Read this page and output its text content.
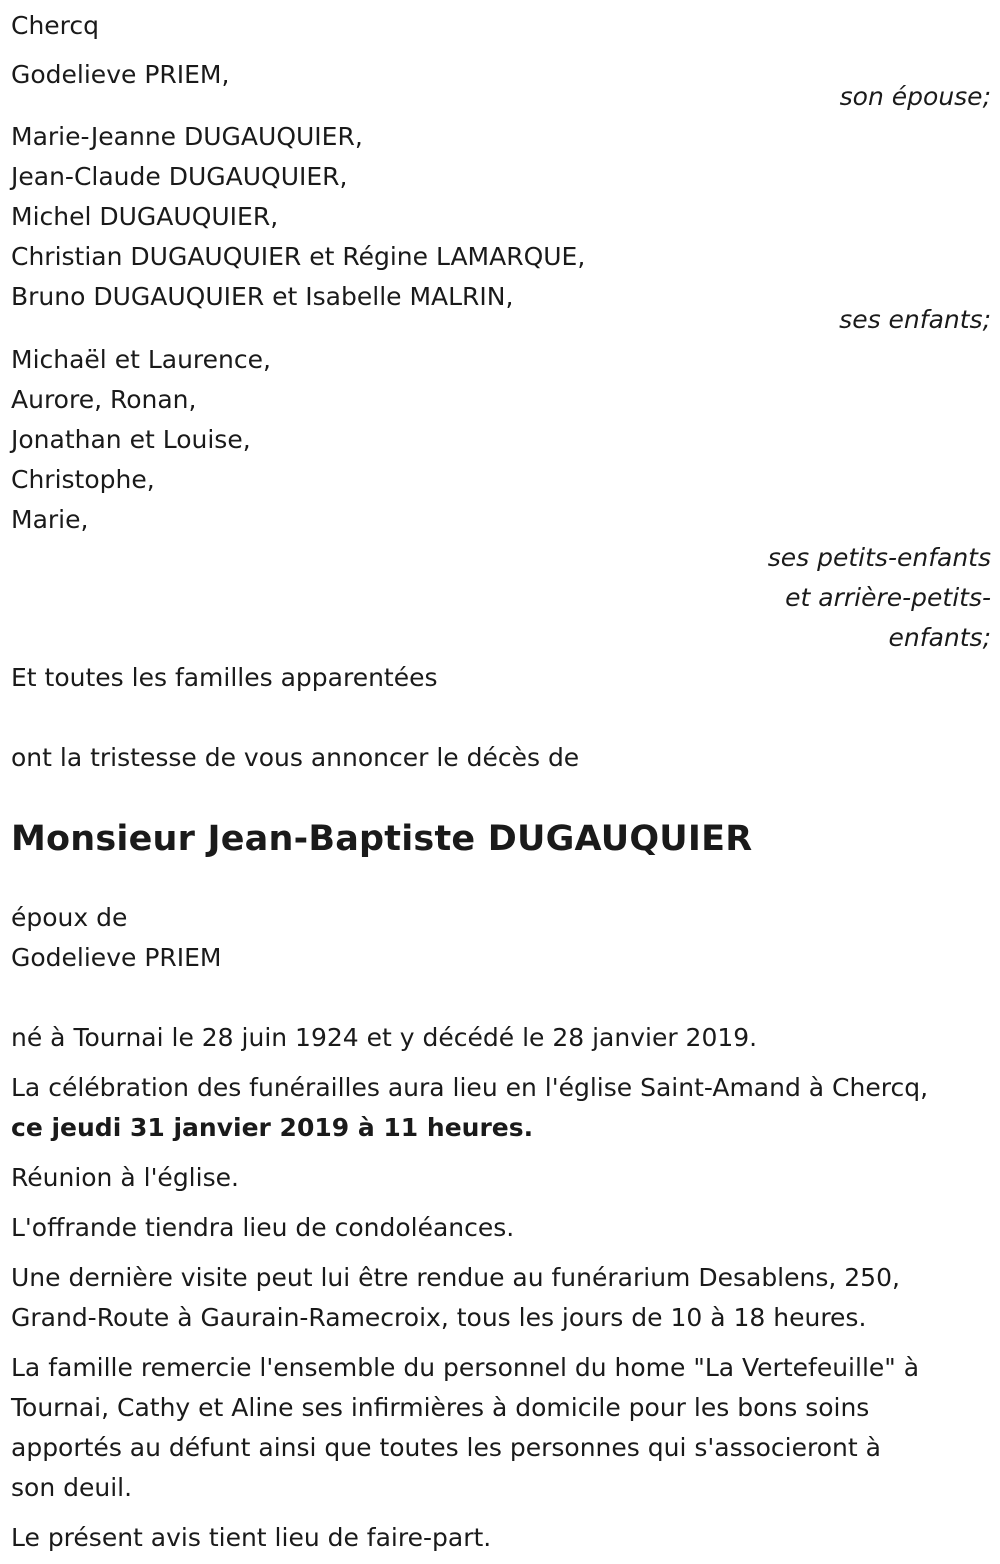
Chercq
Godelieve PRIEM,
son épouse;
Marie-Jeanne DUGAUQUIER,
Jean-Claude DUGAUQUIER,
Michel DUGAUQUIER,
Christian DUGAUQUIER et Régine LAMARQUE,
Bruno DUGAUQUIER et Isabelle MALRIN,
ses enfants;
Michaël et Laurence,
Aurore, Ronan,
Jonathan et Louise,
Christophe,
Marie,
ses petits-enfants
et arrière-petits-
enfants;
Et toutes les familles apparentées
ont la tristesse de vous annoncer le décès de
Monsieur Jean-Baptiste DUGAUQUIER
époux de
Godelieve PRIEM
né à Tournai le 28 juin 1924 et y décédé le 28 janvier 2019.
La célébration des funérailles aura lieu en l'église Saint-Amand à Chercq,
ce jeudi 31 janvier 2019 à 11 heures.
Réunion à l'église.
L'offrande tiendra lieu de condoléances.
Une dernière visite peut lui être rendue au funérarium Desablens, 250,
Grand-Route à Gaurain-Ramecroix, tous les jours de 10 à 18 heures.
La famille remercie l'ensemble du personnel du home "La Vertefeuille" à
Tournai, Cathy et Aline ses infirmières à domicile pour les bons soins
apportés au défunt ainsi que toutes les personnes qui s'associeront à
son deuil.
Le présent avis tient lieu de faire-part.
